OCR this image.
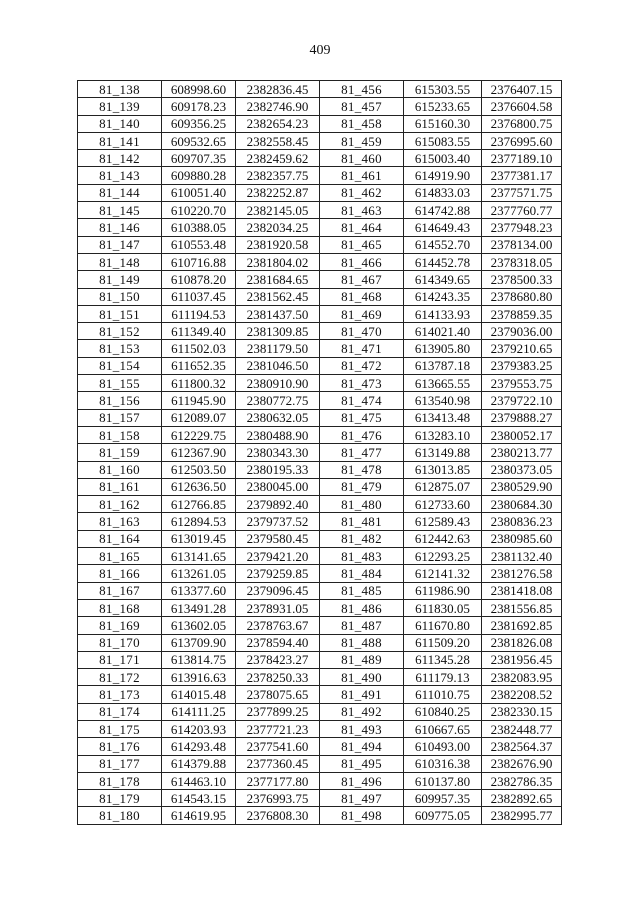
409
81_138	608998.60	2382836.45	81_456	615303.55	2376407.15
81_139	609178.23	2382746.90	81_457	615233.65	2376604.58
81_140	609356.25	2382654.23	81_458	615160.30	2376800.75
81_141	609532.65	2382558.45	81_459	615083.55	2376995.60
81_142	609707.35	2382459.62	81_460	615003.40	2377189.10
81_143	609880.28	2382357.75	81_461	614919.90	2377381.17
81_144	610051.40	2382252.87	81_462	614833.03	2377571.75
81_145	610220.70	2382145.05	81_463	614742.88	2377760.77
81_146	610388.05	2382034.25	81_464	614649.43	2377948.23
81_147	610553.48	2381920.58	81_465	614552.70	2378134.00
81_148	610716.88	2381804.02	81_466	614452.78	2378318.05
81_149	610878.20	2381684.65	81_467	614349.65	2378500.33
81_150	611037.45	2381562.45	81_468	614243.35	2378680.80
81_151	611194.53	2381437.50	81_469	614133.93	2378859.35
81_152	611349.40	2381309.85	81_470	614021.40	2379036.00
81_153	611502.03	2381179.50	81_471	613905.80	2379210.65
81_154	611652.35	2381046.50	81_472	613787.18	2379383.25
81_155	611800.32	2380910.90	81_473	613665.55	2379553.75
81_156	611945.90	2380772.75	81_474	613540.98	2379722.10
81_157	612089.07	2380632.05	81_475	613413.48	2379888.27
81_158	612229.75	2380488.90	81_476	613283.10	2380052.17
81_159	612367.90	2380343.30	81_477	613149.88	2380213.77
81_160	612503.50	2380195.33	81_478	613013.85	2380373.05
81_161	612636.50	2380045.00	81_479	612875.07	2380529.90
81_162	612766.85	2379892.40	81_480	612733.60	2380684.30
81_163	612894.53	2379737.52	81_481	612589.43	2380836.23
81_164	613019.45	2379580.45	81_482	612442.63	2380985.60
81_165	613141.65	2379421.20	81_483	612293.25	2381132.40
81_166	613261.05	2379259.85	81_484	612141.32	2381276.58
81_167	613377.60	2379096.45	81_485	611986.90	2381418.08
81_168	613491.28	2378931.05	81_486	611830.05	2381556.85
81_169	613602.05	2378763.67	81_487	611670.80	2381692.85
81_170	613709.90	2378594.40	81_488	611509.20	2381826.08
81_171	613814.75	2378423.27	81_489	611345.28	2381956.45
81_172	613916.63	2378250.33	81_490	611179.13	2382083.95
81_173	614015.48	2378075.65	81_491	611010.75	2382208.52
81_174	614111.25	2377899.25	81_492	610840.25	2382330.15
81_175	614203.93	2377721.23	81_493	610667.65	2382448.77
81_176	614293.48	2377541.60	81_494	610493.00	2382564.37
81_177	614379.88	2377360.45	81_495	610316.38	2382676.90
81_178	614463.10	2377177.80	81_496	610137.80	2382786.35
81_179	614543.15	2376993.75	81_497	609957.35	2382892.65
81_180	614619.95	2376808.30	81_498	609775.05	2382995.77
